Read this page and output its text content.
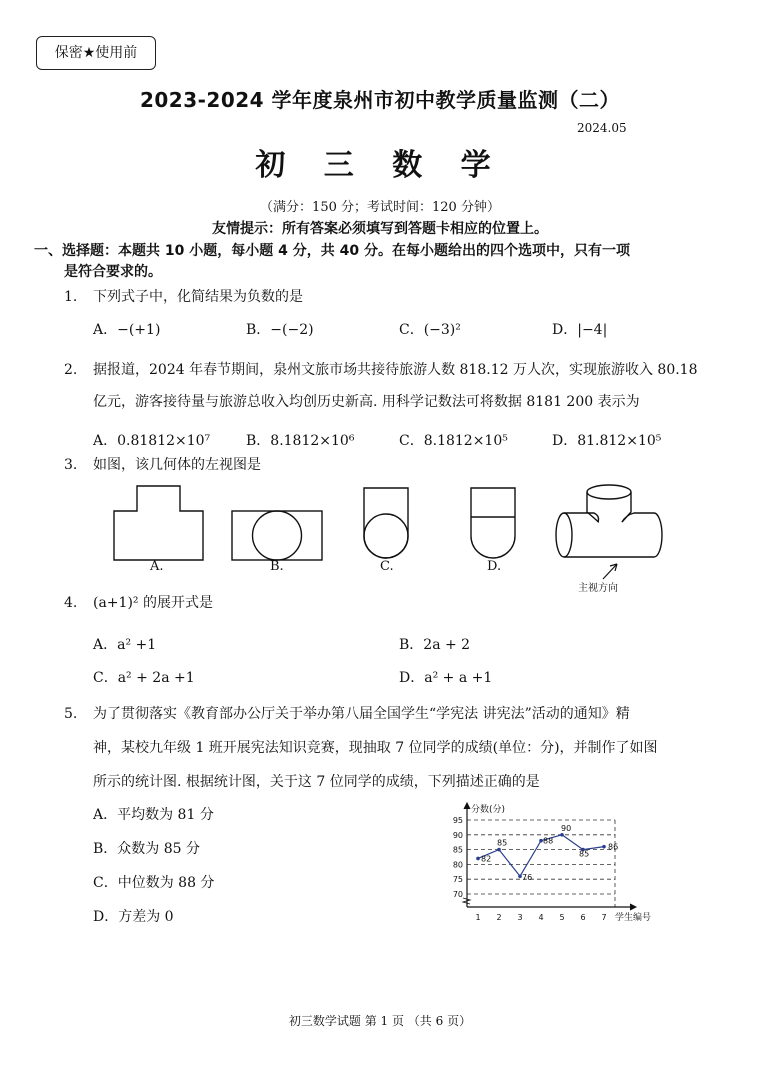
保密★使用前
2023-2024 学年度泉州市初中教学质量监测（二）
2024.05
初 三 数 学
（满分：150 分；考试时间：120 分钟）
友情提示：所有答案必须填写到答题卡相应的位置上。
一、选择题：本题共 10 小题，每小题 4 分，共 40 分。在每小题给出的四个选项中，只有一项
是符合要求的。
1. 下列式子中，化简结果为负数的是
A．−(+1)	B．−(−2)	C．(−3)²	D．|−4|
2. 据报道，2024 年春节期间，泉州文旅市场共接待旅游人数 818.12 万人次，实现旅游收入 80.18
亿元，游客接待量与旅游总收入均创历史新高. 用科学记数法可将数据 8181 200 表示为
A．0.81812×10⁷	B．8.1812×10⁶	C．8.1812×10⁵	D．81.812×10⁵
3. 如图，该几何体的左视图是
A.	B.	C.	D.
主视方向
4. (a+1)² 的展开式是
A．a² +1	B．2a + 2
C．a² + 2a +1	D．a² + a +1
5. 为了贯彻落实《教育部办公厅关于举办第八届全国学生“学宪法 讲宪法”活动的通知》精
神，某校九年级 1 班开展宪法知识竞赛，现抽取 7 位同学的成绩(单位：分)，并制作了如图
所示的统计图. 根据统计图，关于这 7 位同学的成绩，下列描述正确的是
A．平均数为 81 分
B．众数为 85 分
C．中位数为 88 分
D．方差为 0
70
75
80
85
90
95
分数(分)
学生编号
1 2 3 4 5 6 7
82
85
76
88
90
85
86
初三数学试题 第 1 页 （共 6 页）
